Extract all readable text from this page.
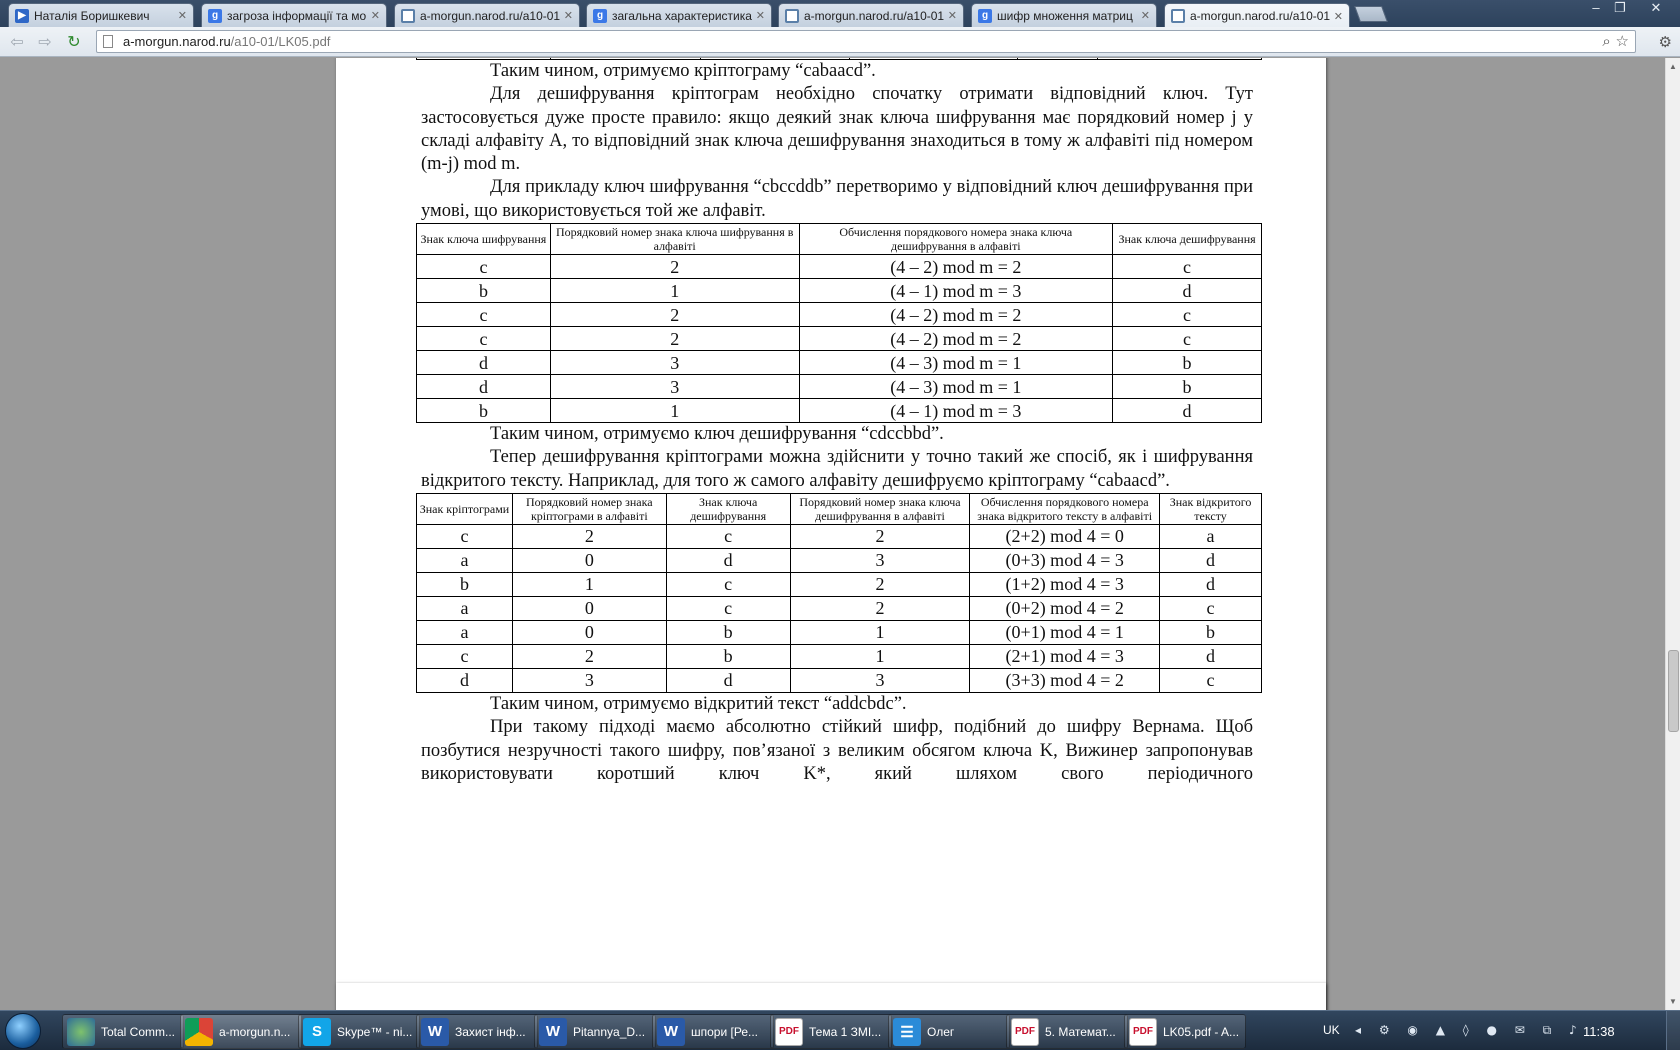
▶ Наталія Боришкевич	✕	g загроза інформації та мо ✕	a-morgun.narod.ru/a10-01 ✕	g загальна характеристика ✕	a-morgun.narod.ru/a10-01 ✕	g шифр множення матриц ✕	a-morgun.narod.ru/a10-01 ✕
–	❐	✕
⇦ ⇨ ↻	a-morgun.narod.ru /a10-01/LK05.pdf	⌕ ☆ ⚙

Таким чином, отримуємо кріптограму “cabaacd”.

Для дешифрування кріптограм необхідно спочатку отримати відповідний ключ. Тут застосовується дуже просте правило: якщо деякий знак ключа шифрування має порядковий номер j у складі алфавіту A, то відповідний знак ключа дешифрування знаходиться в тому ж алфавіті під номером (m-j) mod m.

Для прикладу ключ шифрування “cbccddb” перетворимо у відповідний ключ дешифрування при умові, що використовується той же алфавіт.

Знак ключа шифрування	Порядковий номер знака ключа шифрування в алфавіті	Обчислення порядкового номера знака ключа дешифрування в алфавіті	Знак ключа дешифрування
c	2	(4 – 2) mod m = 2	c
b	1	(4 – 1) mod m = 3	d
c	2	(4 – 2) mod m = 2	c
c	2	(4 – 2) mod m = 2	c
d	3	(4 – 3) mod m = 1	b
d	3	(4 – 3) mod m = 1	b
b	1	(4 – 1) mod m = 3	d

Таким чином, отримуємо ключ дешифрування “cdccbbd”.

Тепер дешифрування кріптограми можна здійснити у точно такий же спосіб, як і шифрування відкритого тексту. Наприклад, для того ж самого алфавіту дешифруємо кріптограму “cabaacd”.

Знак кріптограми	Порядковий номер знака кріптограми в алфавіті	Знак ключа дешифрування	Порядковий номер знака ключа дешифрування в алфавіті	Обчислення порядкового номера знака відкритого тексту в алфавіті	Знак відкритого тексту
c	2	c	2	(2+2) mod 4 = 0	a
a	0	d	3	(0+3) mod 4 = 3	d
b	1	c	2	(1+2) mod 4 = 3	d
a	0	c	2	(0+2) mod 4 = 2	c
a	0	b	1	(0+1) mod 4 = 1	b
c	2	b	1	(2+1) mod 4 = 3	d
d	3	d	3	(3+3) mod 4 = 2	c

Таким чином, отримуємо відкритий текст “addcbdc”.

При такому підході маємо абсолютно стійкий шифр, подібний до шифру Вернама. Щоб позбутися незручності такого шифру, пов’язаної з великим обсягом ключа K, Вижинер запропонував використовувати коротший ключ K*, який шляхом свого періодичного

▲
▼
Total Comm...	a-morgun.n...	S	Skype™ - ni...	W	Захист інф...	W	Pitannya_D...	W	шпори [Ре...	PDF Тема 1 ЗМІ...	☰	Олег	PDF 5. Математ...	PDF LK05.pdf - A...	UK ◂ ⚙ ◉ ▲ ◊ ● ✉ ⧉ ♪ 11:38
